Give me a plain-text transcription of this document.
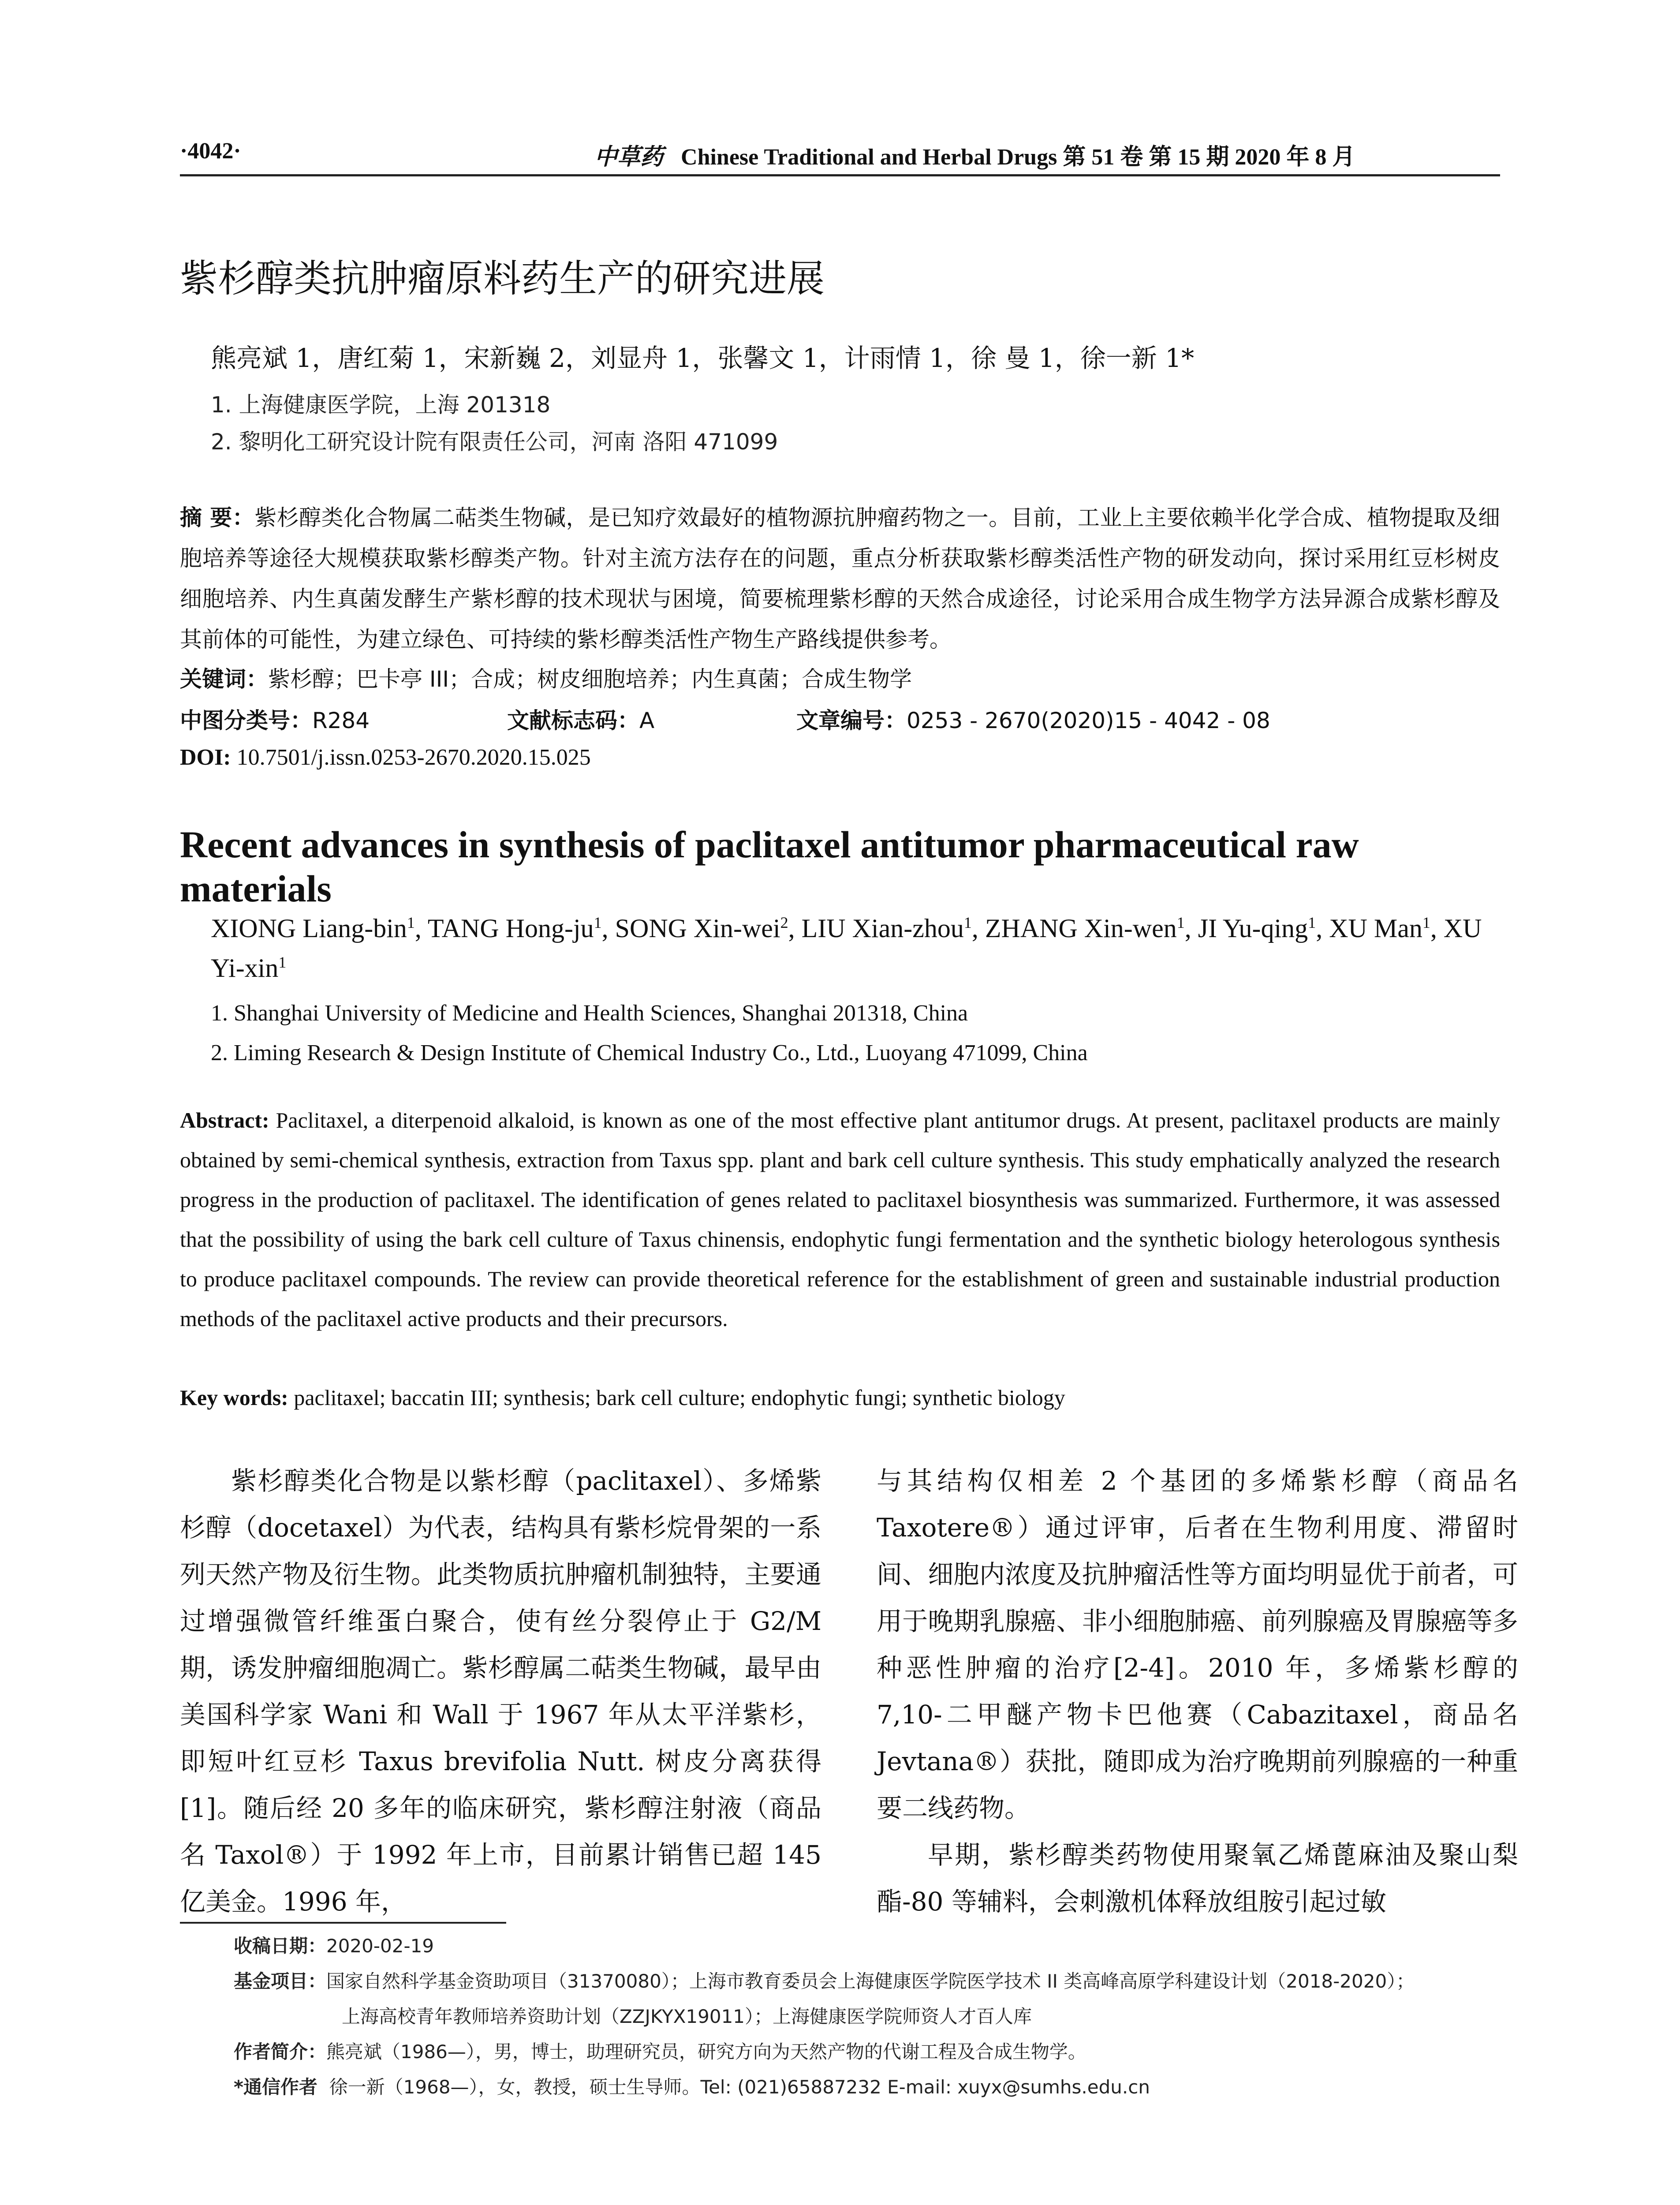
·4042·	中草药 Chinese Traditional and Herbal Drugs 第 51 卷 第 15 期 2020 年 8 月
紫杉醇类抗肿瘤原料药生产的研究进展
熊亮斌 1，唐红菊 1，宋新巍 2，刘显舟 1，张馨文 1，计雨情 1，徐 曼 1，徐一新 1*
1. 上海健康医学院，上海 201318
2. 黎明化工研究设计院有限责任公司，河南 洛阳 471099
摘 要：紫杉醇类化合物属二萜类生物碱，是已知疗效最好的植物源抗肿瘤药物之一。目前，工业上主要依赖半化学合成、植物提取及细胞培养等途径大规模获取紫杉醇类产物。针对主流方法存在的问题，重点分析获取紫杉醇类活性产物的研发动向，探讨采用红豆杉树皮细胞培养、内生真菌发酵生产紫杉醇的技术现状与困境，简要梳理紫杉醇的天然合成途径，讨论采用合成生物学方法异源合成紫杉醇及其前体的可能性，为建立绿色、可持续的紫杉醇类活性产物生产路线提供参考。
关键词：紫杉醇；巴卡亭 III；合成；树皮细胞培养；内生真菌；合成生物学
中图分类号：R284	文献标志码：A	文章编号：0253 - 2670(2020)15 - 4042 - 08
DOI: 10.7501/j.issn.0253-2670.2020.15.025
Recent advances in synthesis of paclitaxel antitumor pharmaceutical raw materials
XIONG Liang-bin$^1$, TANG Hong-$ju^1$, SONG Xin-wei$^2$, LIU Xian-zhou$^1$, ZHANG Xin-wen$^1$, JI Yu-qing$^1$, XU Man$^1$, XU Yi-xin$^1$
1. Shanghai University of Medicine and Health Sciences, Shanghai 201318, China
2. Liming Research & Design Institute of Chemical Industry Co., Ltd., Luoyang 471099, China
Abstract: Paclitaxel, a diterpenoid alkaloid, is known as one of the most effective plant antitumor drugs. At present, paclitaxel products are mainly obtained by semi-chemical synthesis, extraction from Taxus spp. plant and bark cell culture synthesis. This study emphatically analyzed the research progress in the production of paclitaxel. The identification of genes related to paclitaxel biosynthesis was summarized. Furthermore, it was assessed that the possibility of using the bark cell culture of Taxus chinensis, endophytic fungi fermentation and the synthetic biology heterologous synthesis to produce paclitaxel compounds. The review can provide theoretical reference for the establishment of green and sustainable industrial production methods of the paclitaxel active products and their precursors.
Key words: paclitaxel; baccatin III; synthesis; bark cell culture; endophytic fungi; synthetic biology

紫杉醇类化合物是以紫杉醇（paclitaxel）、多烯紫杉醇（docetaxel）为代表，结构具有紫杉烷骨架的一系列天然产物及衍生物。此类物质抗肿瘤机制独特，主要通过增强微管纤维蛋白聚合，使有丝分裂停止于 G2/M 期，诱发肿瘤细胞凋亡。紫杉醇属二萜类生物碱，最早由美国科学家 Wani 和 Wall 于 1967 年从太平洋紫杉，即短叶红豆杉 Taxus brevifolia Nutt. 树皮分离获得[1]。随后经 20 多年的临床研究，紫杉醇注射液（商品名 Taxol®）于 1992 年上市，目前累计销售已超 145 亿美金。1996 年，

与其结构仅相差 2 个基团的多烯紫杉醇（商品名 Taxotere®）通过评审，后者在生物利用度、滞留时间、细胞内浓度及抗肿瘤活性等方面均明显优于前者，可用于晚期乳腺癌、非小细胞肺癌、前列腺癌及胃腺癌等多种恶性肿瘤的治疗[2-4]。2010 年，多烯紫杉醇的 7,10-二甲醚产物卡巴他赛（Cabazitaxel，商品名 Jevtana®）获批，随即成为治疗晚期前列腺癌的一种重要二线药物。

早期，紫杉醇类药物使用聚氧乙烯蓖麻油及聚山梨酯-80 等辅料，会刺激机体释放组胺引起过敏

收稿日期：2020-02-19
基金项目：国家自然科学基金资助项目（31370080）；上海市教育委员会上海健康医学院医学技术 II 类高峰高原学科建设计划（2018-2020）；
上海高校青年教师培养资助计划（ZZJKYX19011）；上海健康医学院师资人才百人库
作者简介：熊亮斌（1986—），男，博士，助理研究员，研究方向为天然产物的代谢工程及合成生物学。
*通信作者 徐一新（1968—），女，教授，硕士生导师。Tel: (021)65887232 E-mail: xuyx@sumhs.edu.cn
